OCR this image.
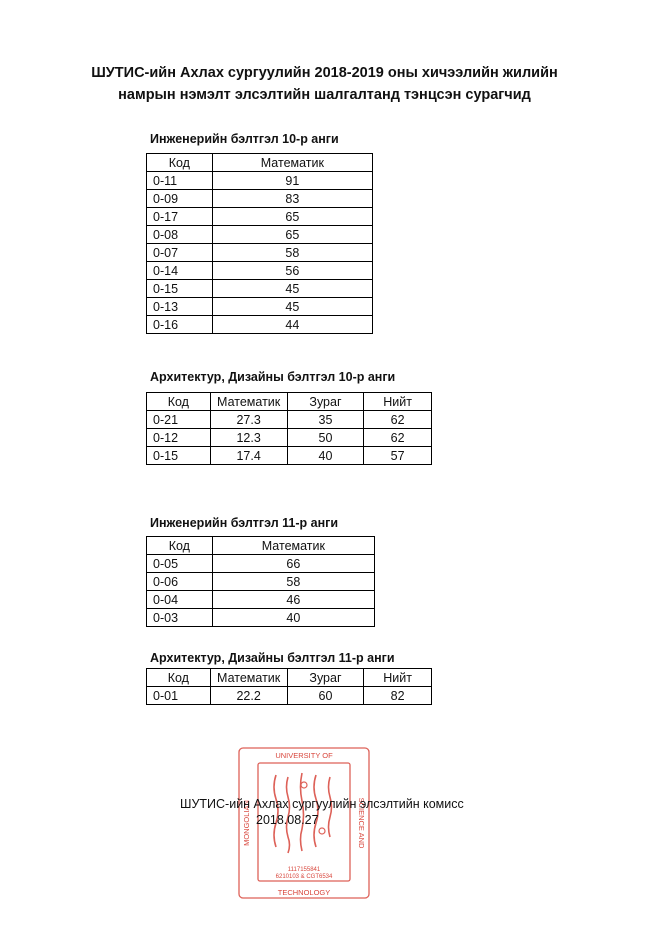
ШУТИС-ийн Ахлах сургуулийн 2018-2019 оны хичээлийн жилийн
намрын нэмэлт элсэлтийн шалгалтанд тэнцсэн сурагчид
Инженерийн бэлтгэл 10-р анги
Код	Математик
0-11	91
0-09	83
0-17	65
0-08	65
0-07	58
0-14	56
0-15	45
0-13	45
0-16	44
Архитектур, Дизайны бэлтгэл 10-р анги
Код	Математик	Зураг	Нийт
0-21	27.3	35	62
0-12	12.3	50	62
0-15	17.4	40	57
Инженерийн бэлтгэл 11-р анги
Код	Математик
0-05	66
0-06	58
0-04	46
0-03	40
Архитектур, Дизайны бэлтгэл 11-р анги
Код	Математик	Зураг	Нийт
0-01	22.2	60	82
UNIVERSITY OF
TECHNOLOGY
MONGOLIAN	SCIENCE AND
1117155841
6210103 & CGT6534
ШУТИС-ийн Ахлах сургуулийн элсэлтийн комисс
2018.08.27
